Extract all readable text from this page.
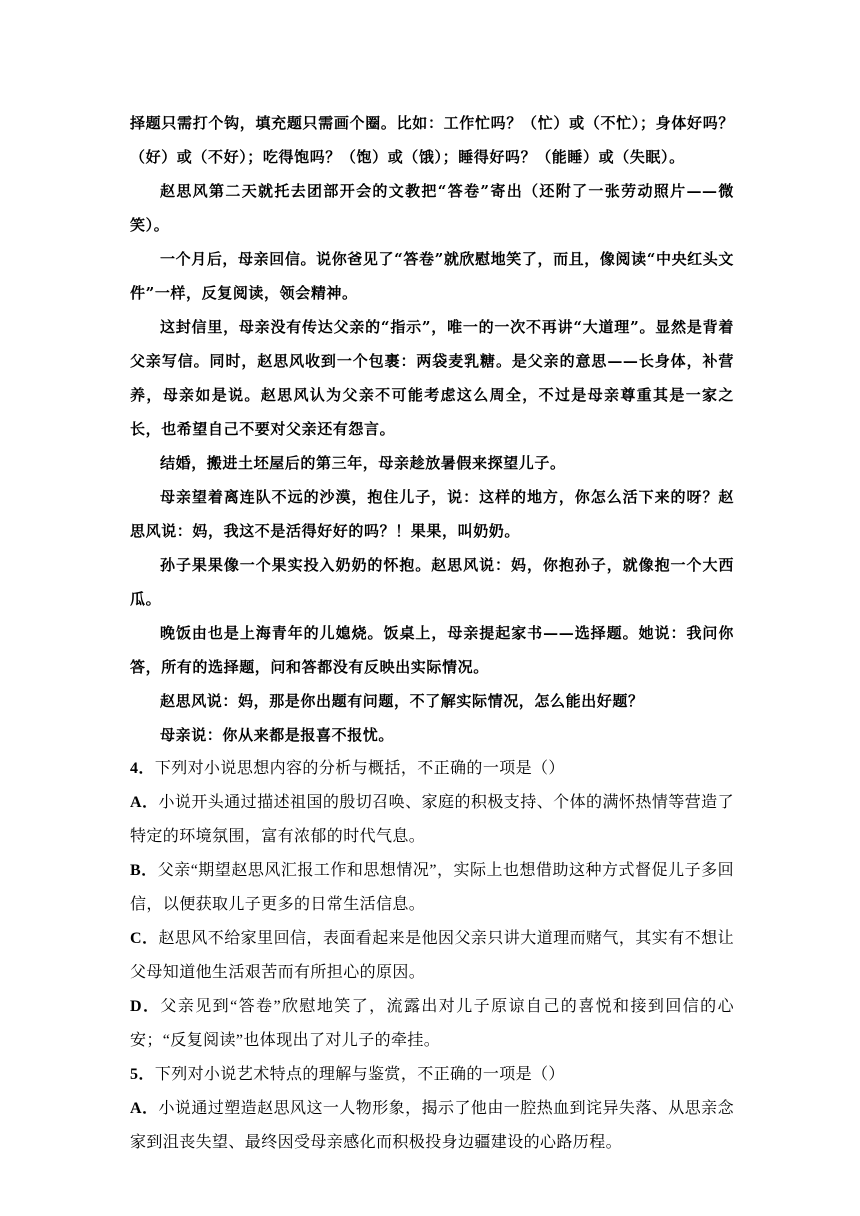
择题只需打个钩，填充题只需画个圈。比如：工作忙吗？（忙）或（不忙）；身体好吗？（好）或（不好）；吃得饱吗？（饱）或（饿）；睡得好吗？（能睡）或（失眠）。

赵思风第二天就托去团部开会的文教把“答卷”寄出（还附了一张劳动照片——微笑）。

一个月后，母亲回信。说你爸见了“答卷”就欣慰地笑了，而且，像阅读“中央红头文件”一样，反复阅读，领会精神。

这封信里，母亲没有传达父亲的“指示”，唯一的一次不再讲“大道理”。显然是背着父亲写信。同时，赵思风收到一个包裹：两袋麦乳糖。是父亲的意思——长身体，补营养，母亲如是说。赵思风认为父亲不可能考虑这么周全，不过是母亲尊重其是一家之长，也希望自己不要对父亲还有怨言。

结婚，搬进土坯屋后的第三年，母亲趁放暑假来探望儿子。

母亲望着离连队不远的沙漠，抱住儿子，说：这样的地方，你怎么活下来的呀？赵思风说：妈，我这不是活得好好的吗？！果果，叫奶奶。

孙子果果像一个果实投入奶奶的怀抱。赵思风说：妈，你抱孙子，就像抱一个大西瓜。

晚饭由也是上海青年的儿媳烧。饭桌上，母亲提起家书——选择题。她说：我问你答，所有的选择题，问和答都没有反映出实际情况。

赵思风说：妈，那是你出题有问题，不了解实际情况，怎么能出好题？

母亲说：你从来都是报喜不报忧。

4．下列对小说思想内容的分析与概括，不正确的一项是（）

A．小说开头通过描述祖国的殷切召唤、家庭的积极支持、个体的满怀热情等营造了特定的环境氛围，富有浓郁的时代气息。

B．父亲“期望赵思风汇报工作和思想情况”，实际上也想借助这种方式督促儿子多回信，以便获取儿子更多的日常生活信息。

C．赵思风不给家里回信，表面看起来是他因父亲只讲大道理而赌气，其实有不想让父母知道他生活艰苦而有所担心的原因。

D．父亲见到“答卷”欣慰地笑了，流露出对儿子原谅自己的喜悦和接到回信的心安；“反复阅读”也体现出了对儿子的牵挂。

5．下列对小说艺术特点的理解与鉴赏，不正确的一项是（）

A．小说通过塑造赵思风这一人物形象，揭示了他由一腔热血到诧异失落、从思亲念家到沮丧失望、最终因受母亲感化而积极投身边疆建设的心路历程。
